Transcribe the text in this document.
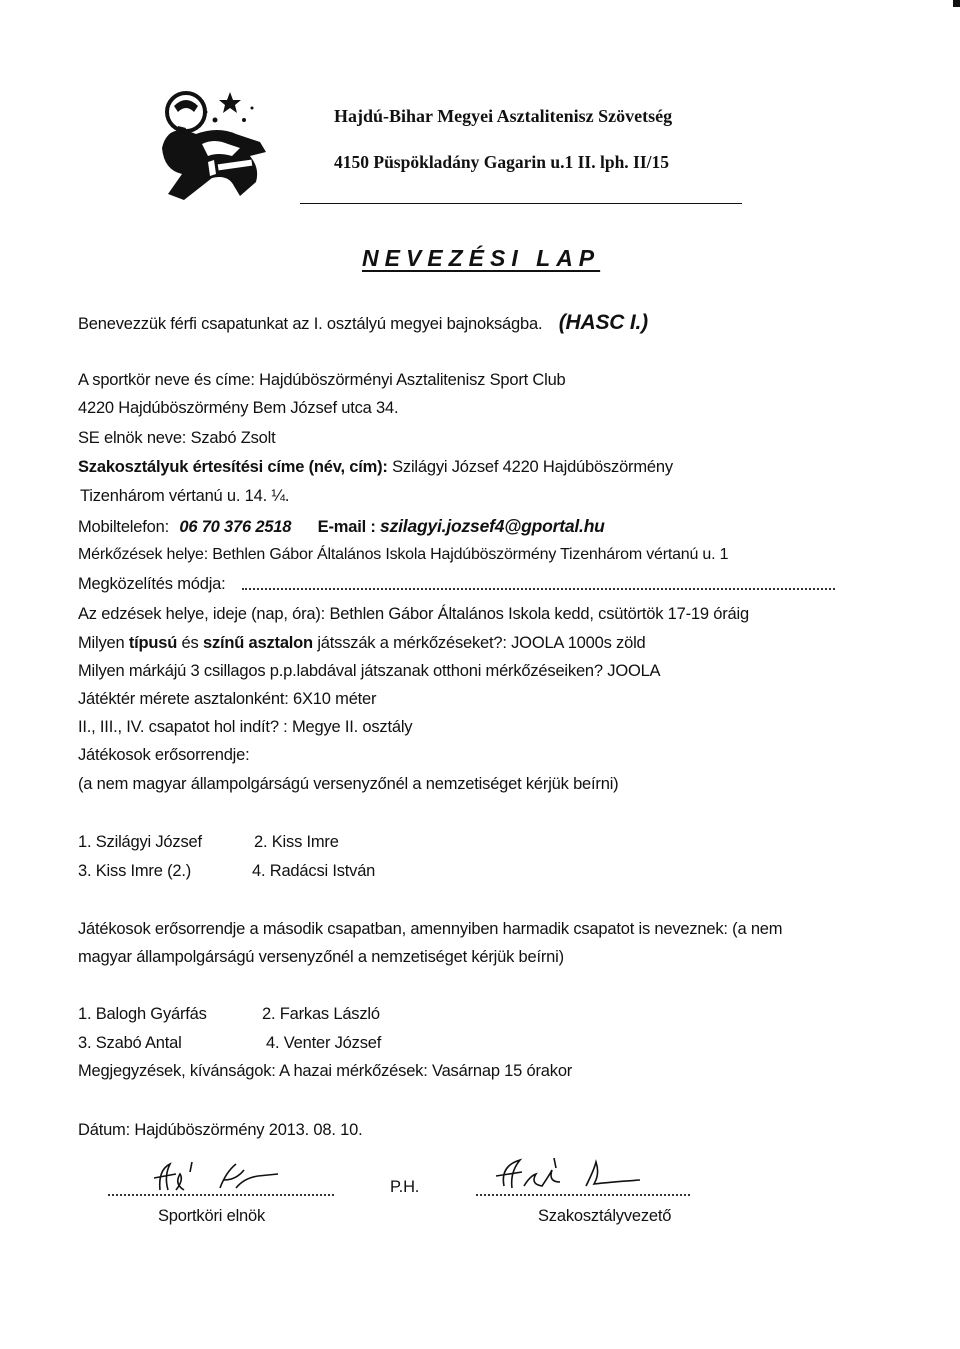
Hajdú-Bihar Megyei Asztalitenisz Szövetség
4150 Püspökladány Gagarin u.1 II. lph. II/15
NEVEZÉSI LAP
Benevezzük férfi csapatunkat az I. osztályú megyei bajnokságba. (HASC I.)
A sportkör neve és címe: Hajdúböszörményi Asztalitenisz Sport Club
4220 Hajdúböszörmény Bem József utca 34.
SE elnök neve: Szabó Zsolt
Szakosztályuk értesítési címe (név, cím): Szilágyi József 4220 Hajdúböszörmény
Tizenhárom vértanú u. 14. ¼.
Mobiltelefon: 06 70 376 2518 E-mail : szilagyi.jozsef4@gportal.hu
Mérkőzések helye: Bethlen Gábor Általános Iskola Hajdúböszörmény Tizenhárom vértanú u. 1
Megközelítés módja:
Az edzések helye, ideje (nap, óra): Bethlen Gábor Általános Iskola kedd, csütörtök 17-19 óráig
Milyen típusú és színű asztalon játsszák a mérkőzéseket?: JOOLA 1000s zöld
Milyen márkájú 3 csillagos p.p.labdával játszanak otthoni mérkőzéseiken? JOOLA
Játéktér mérete asztalonként: 6X10 méter
II., III., IV. csapatot hol indít? : Megye II. osztály
Játékosok erősorrendje:
(a nem magyar állampolgárságú versenyzőnél a nemzetiséget kérjük beírni)
1. Szilágyi József	2. Kiss Imre
3. Kiss Imre (2.)	4. Radácsi István
Játékosok erősorrendje a második csapatban, amennyiben harmadik csapatot is neveznek: (a nem
magyar állampolgárságú versenyzőnél a nemzetiséget kérjük beírni)
1. Balogh Gyárfás	2. Farkas László
3. Szabó Antal	4. Venter József
Megjegyzések, kívánságok: A hazai mérkőzések: Vasárnap 15 órakor
Dátum: Hajdúböszörmény 2013. 08. 10.
Sportköri elnök
P.H.
Szakosztályvezető
